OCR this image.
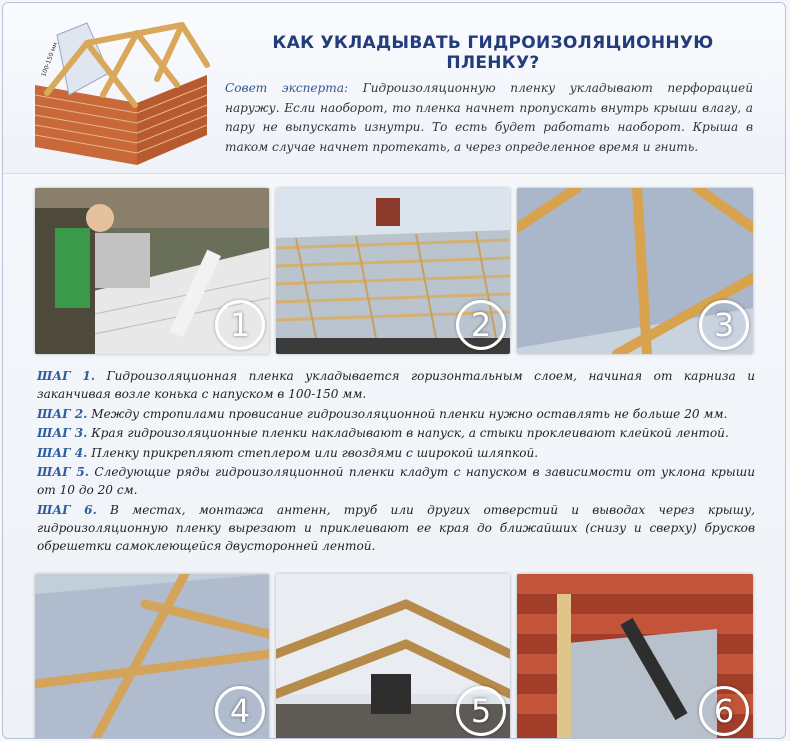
100-150 мм	КАК УКЛАДЫВАТЬ ГИДРОИЗОЛЯЦИОННУЮ ПЛЕНКУ?
Совет эксперта: Гидроизоляционную пленку укладывают перфорацией наружу. Если наоборот, то пленка начнет пропускать внутрь крыши влагу, а пару не выпускать изнутри. То есть будет работать наоборот. Крыша в таком случае начнет протекать, а через определенное время и гнить.
1	2	3

ШАГ 1. Гидроизоляционная пленка укладывается горизонтальным слоем, начиная от карниза и заканчивая возле конька с напуском в 100-150 мм.

ШАГ 2. Между стропилами провисание гидроизоляционной пленки нужно оставлять не больше 20 мм.

ШАГ 3. Края гидроизоляционные пленки накладывают в напуск, а стыки проклеивают клейкой лентой.

ШАГ 4. Пленку прикрепляют степлером или гвоздями с широкой шляпкой.

ШАГ 5. Следующие ряды гидроизоляционной пленки кладут с напуском в зависимости от уклона крыши от 10 до 20 см.

ШАГ 6. В местах, монтажа антенн, труб или других отверстий и выводах через крышу, гидроизоляционную пленку вырезают и приклеивают ее края до ближайших (снизу и сверху) брусков обрешетки самоклеющейся двусторонней лентой.

4	5	6
